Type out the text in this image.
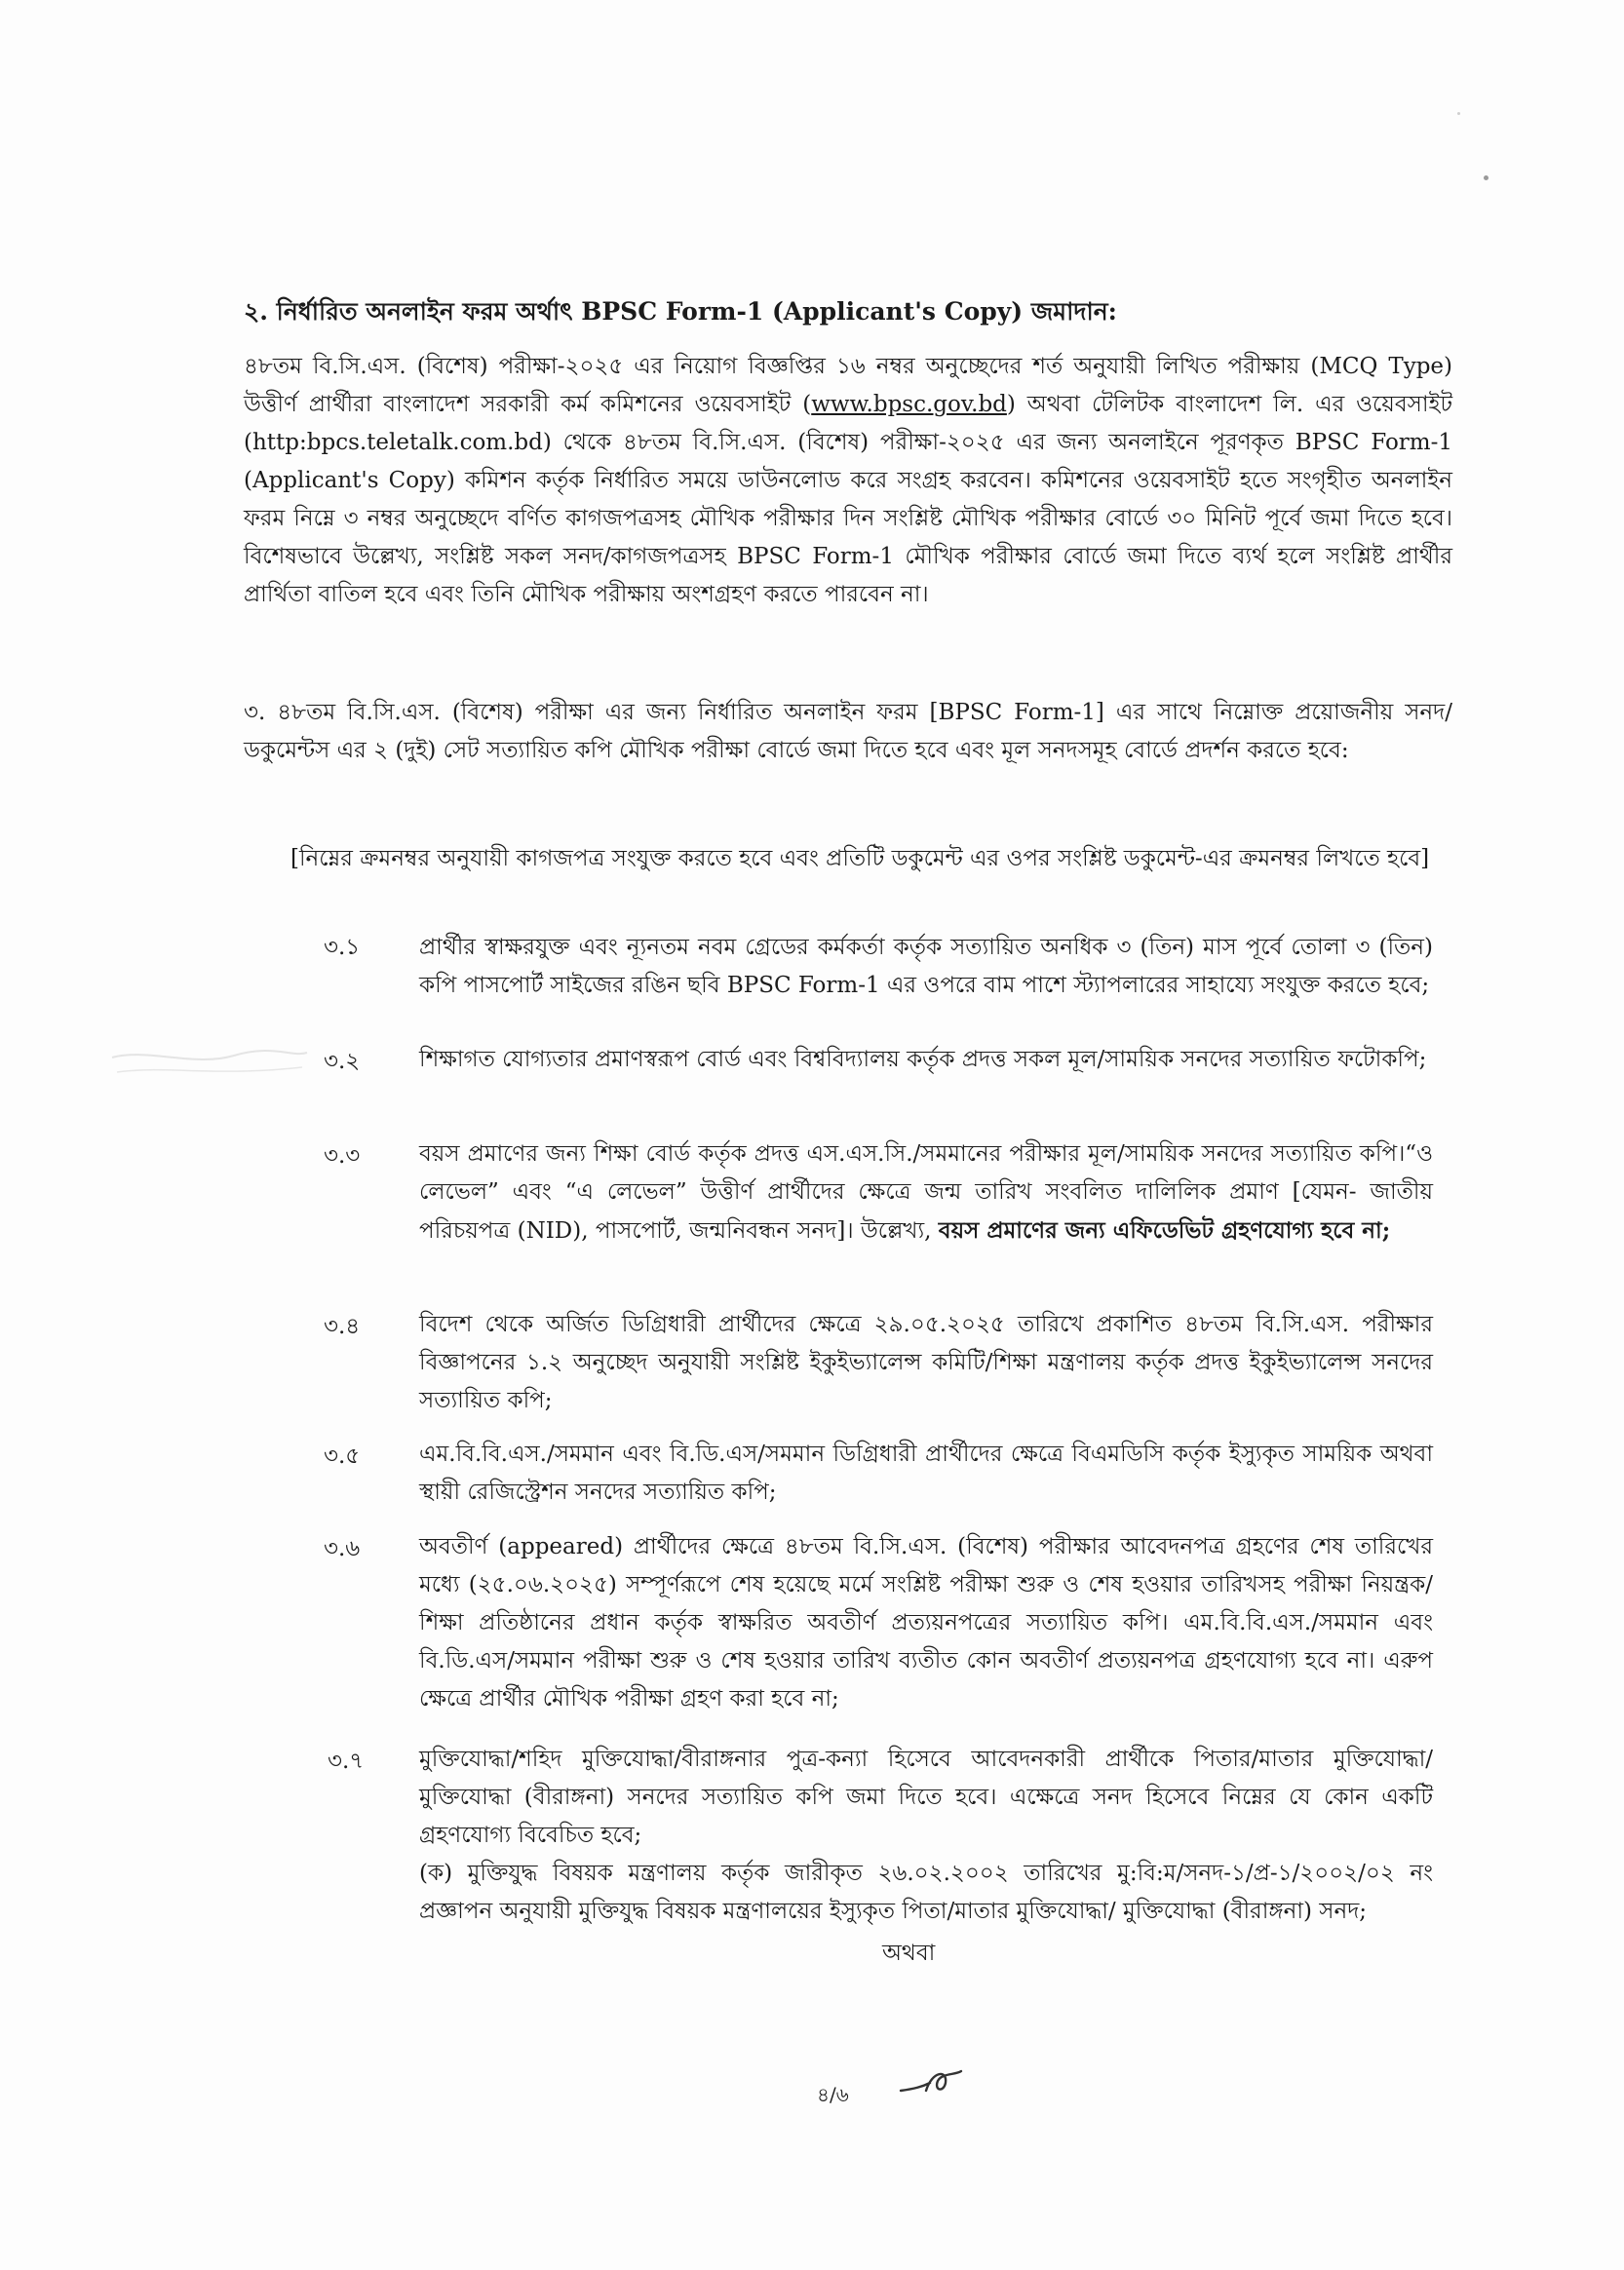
২. নির্ধারিত অনলাইন ফরম অর্থাৎ BPSC Form-1 (Applicant's Copy) জমাদান:

৪৮তম বি.সি.এস. (বিশেষ) পরীক্ষা-২০২৫ এর নিয়োগ বিজ্ঞপ্তির ১৬ নম্বর অনুচ্ছেদের শর্ত অনুযায়ী লিখিত পরীক্ষায় (MCQ Type) উত্তীর্ণ প্রার্থীরা বাংলাদেশ সরকারী কর্ম কমিশনের ওয়েবসাইট (www.bpsc.gov.bd) অথবা টেলিটক বাংলাদেশ লি. এর ওয়েবসাইট (http:bpcs.teletalk.com.bd) থেকে ৪৮তম বি.সি.এস. (বিশেষ) পরীক্ষা-২০২৫ এর জন্য অনলাইনে পূরণকৃত BPSC Form-1 (Applicant's Copy) কমিশন কর্তৃক নির্ধারিত সময়ে ডাউনলোড করে সংগ্রহ করবেন। কমিশনের ওয়েবসাইট হতে সংগৃহীত অনলাইন ফরম নিম্নে ৩ নম্বর অনুচ্ছেদে বর্ণিত কাগজপত্রসহ মৌখিক পরীক্ষার দিন সংশ্লিষ্ট মৌখিক পরীক্ষার বোর্ডে ৩০ মিনিট পূর্বে জমা দিতে হবে। বিশেষভাবে উল্লেখ্য, সংশ্লিষ্ট সকল সনদ/কাগজপত্রসহ BPSC Form-1 মৌখিক পরীক্ষার বোর্ডে জমা দিতে ব্যর্থ হলে সংশ্লিষ্ট প্রার্থীর প্রার্থিতা বাতিল হবে এবং তিনি মৌখিক পরীক্ষায় অংশগ্রহণ করতে পারবেন না।

৩. ৪৮তম বি.সি.এস. (বিশেষ) পরীক্ষা এর জন্য নির্ধারিত অনলাইন ফরম [BPSC Form-1] এর সাথে নিম্নোক্ত প্রয়োজনীয় সনদ/ডকুমেন্টস এর ২ (দুই) সেট সত্যায়িত কপি মৌখিক পরীক্ষা বোর্ডে জমা দিতে হবে এবং মূল সনদসমূহ বোর্ডে প্রদর্শন করতে হবে:

[নিম্নের ক্রমনম্বর অনুযায়ী কাগজপত্র সংযুক্ত করতে হবে এবং প্রতিটি ডকুমেন্ট এর ওপর সংশ্লিষ্ট ডকুমেন্ট-এর ক্রমনম্বর লিখতে হবে]

৩.১	প্রার্থীর স্বাক্ষরযুক্ত এবং ন্যূনতম নবম গ্রেডের কর্মকর্তা কর্তৃক সত্যায়িত অনধিক ৩ (তিন) মাস পূর্বে তোলা ৩ (তিন) কপি পাসপোর্ট সাইজের রঙিন ছবি BPSC Form-1 এর ওপরে বাম পাশে স্ট্যাপলারের সাহায্যে সংযুক্ত করতে হবে;
৩.২	শিক্ষাগত যোগ্যতার প্রমাণস্বরূপ বোর্ড এবং বিশ্ববিদ্যালয় কর্তৃক প্রদত্ত সকল মূল/সাময়িক সনদের সত্যায়িত ফটোকপি;
৩.৩	বয়স প্রমাণের জন্য শিক্ষা বোর্ড কর্তৃক প্রদত্ত এস.এস.সি./সমমানের পরীক্ষার মূল/সাময়িক সনদের সত্যায়িত কপি।“ও লেভেল” এবং “এ লেভেল” উত্তীর্ণ প্রার্থীদের ক্ষেত্রে জন্ম তারিখ সংবলিত দালিলিক প্রমাণ [যেমন- জাতীয় পরিচয়পত্র (NID), পাসপোর্ট, জন্মনিবন্ধন সনদ]। উল্লেখ্য, বয়স প্রমাণের জন্য এফিডেভিট গ্রহণযোগ্য হবে না;
৩.৪	বিদেশ থেকে অর্জিত ডিগ্রিধারী প্রার্থীদের ক্ষেত্রে ২৯.০৫.২০২৫ তারিখে প্রকাশিত ৪৮তম বি.সি.এস. পরীক্ষার বিজ্ঞাপনের ১.২ অনুচ্ছেদ অনুযায়ী সংশ্লিষ্ট ইকুইভ্যালেন্স কমিটি/শিক্ষা মন্ত্রণালয় কর্তৃক প্রদত্ত ইকুইভ্যালেন্স সনদের সত্যায়িত কপি;
৩.৫	এম.বি.বি.এস./সমমান এবং বি.ডি.এস/সমমান ডিগ্রিধারী প্রার্থীদের ক্ষেত্রে বিএমডিসি কর্তৃক ইস্যুকৃত সাময়িক অথবা স্থায়ী রেজিস্ট্রেশন সনদের সত্যায়িত কপি;
৩.৬	অবতীর্ণ (appeared) প্রার্থীদের ক্ষেত্রে ৪৮তম বি.সি.এস. (বিশেষ) পরীক্ষার আবেদনপত্র গ্রহণের শেষ তারিখের মধ্যে (২৫.০৬.২০২৫) সম্পূর্ণরূপে শেষ হয়েছে মর্মে সংশ্লিষ্ট পরীক্ষা শুরু ও শেষ হওয়ার তারিখসহ পরীক্ষা নিয়ন্ত্রক/শিক্ষা প্রতিষ্ঠানের প্রধান কর্তৃক স্বাক্ষরিত অবতীর্ণ প্রত্যয়নপত্রের সত্যায়িত কপি। এম.বি.বি.এস./সমমান এবং বি.ডি.এস/সমমান পরীক্ষা শুরু ও শেষ হওয়ার তারিখ ব্যতীত কোন অবতীর্ণ প্রত্যয়নপত্র গ্রহণযোগ্য হবে না। এরুপ ক্ষেত্রে প্রার্থীর মৌখিক পরীক্ষা গ্রহণ করা হবে না;
৩.৭	মুক্তিযোদ্ধা/শহিদ মুক্তিযোদ্ধা/বীরাঙ্গনার পুত্র-কন্যা হিসেবে আবেদনকারী প্রার্থীকে পিতার/মাতার মুক্তিযোদ্ধা/মুক্তিযোদ্ধা (বীরাঙ্গনা) সনদের সত্যায়িত কপি জমা দিতে হবে। এক্ষেত্রে সনদ হিসেবে নিম্নের যে কোন একটি গ্রহণযোগ্য বিবেচিত হবে;
(ক) মুক্তিযুদ্ধ বিষয়ক মন্ত্রণালয় কর্তৃক জারীকৃত ২৬.০২.২০০২ তারিখের মু:বি:ম/সনদ-১/প্র-১/২০০২/০২ নং প্রজ্ঞাপন অনুযায়ী মুক্তিযুদ্ধ বিষয়ক মন্ত্রণালয়ের ইস্যুকৃত পিতা/মাতার মুক্তিযোদ্ধা/ মুক্তিযোদ্ধা (বীরাঙ্গনা) সনদ;
অথবা
৪/৬
